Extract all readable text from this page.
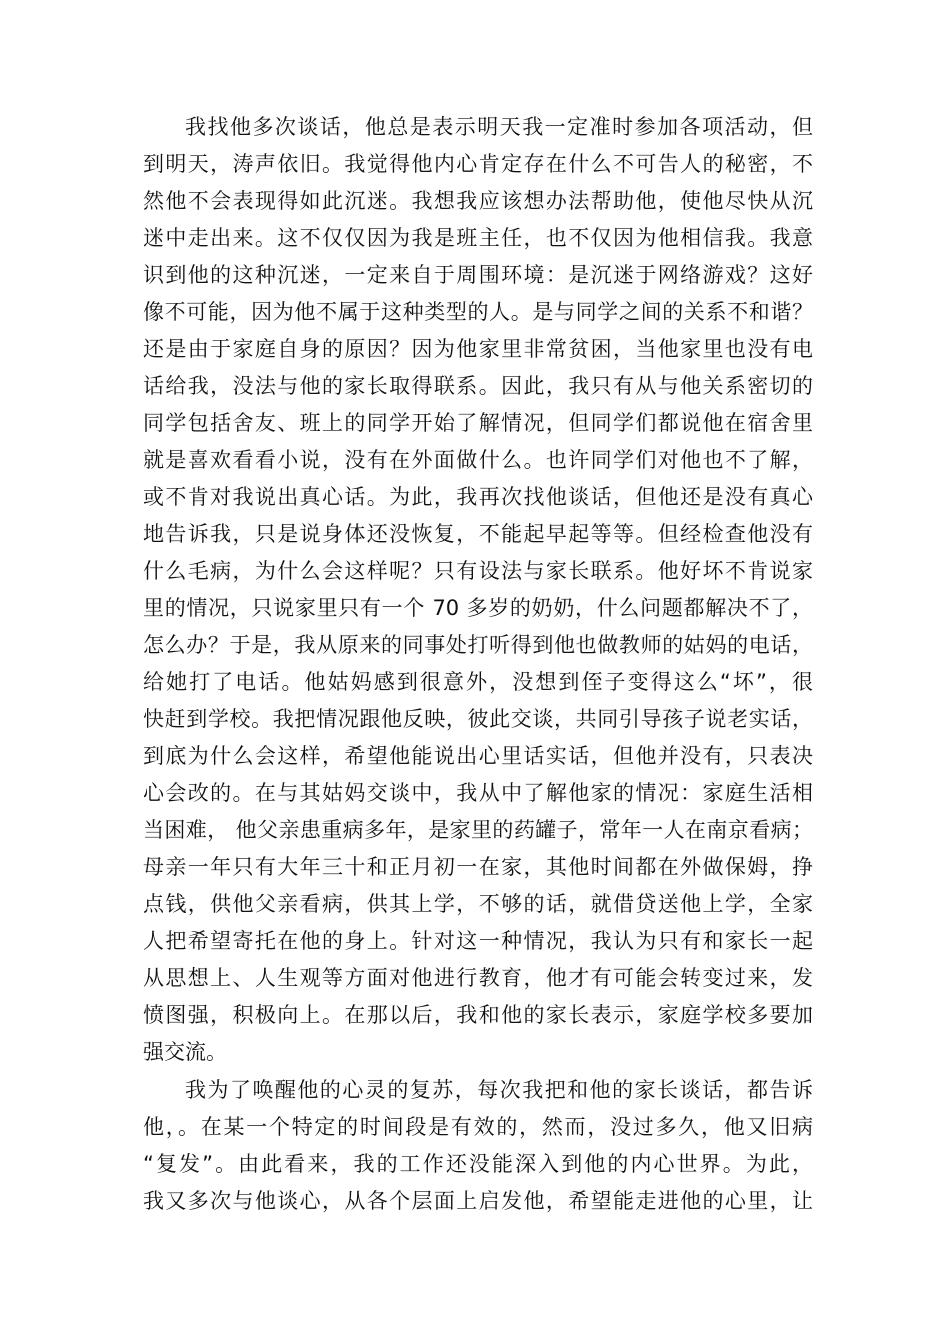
我找他多次谈话，他总是表示明天我一定准时参加各项活动，但
到明天，涛声依旧。我觉得他内心肯定存在什么不可告人的秘密，不
然他不会表现得如此沉迷。我想我应该想办法帮助他，使他尽快从沉
迷中走出来。这不仅仅因为我是班主任，也不仅因为他相信我。我意
识到他的这种沉迷，一定来自于周围环境：是沉迷于网络游戏？这好
像不可能，因为他不属于这种类型的人。是与同学之间的关系不和谐？
还是由于家庭自身的原因？因为他家里非常贫困，当他家里也没有电
话给我，没法与他的家长取得联系。因此，我只有从与他关系密切的
同学包括舍友、班上的同学开始了解情况，但同学们都说他在宿舍里
就是喜欢看看小说，没有在外面做什么。也许同学们对他也不了解，
或不肯对我说出真心话。为此，我再次找他谈话，但他还是没有真心
地告诉我，只是说身体还没恢复，不能起早起等等。但经检查他没有
什么毛病，为什么会这样呢？只有设法与家长联系。他好坏不肯说家
里的情况，只说家里只有一个 70 多岁的奶奶，什么问题都解决不了，
怎么办？于是，我从原来的同事处打听得到他也做教师的姑妈的电话，
给她打了电话。他姑妈感到很意外，没想到侄子变得这么“坏”，很
快赶到学校。我把情况跟他反映，彼此交谈，共同引导孩子说老实话，
到底为什么会这样，希望他能说出心里话实话，但他并没有，只表决
心会改的。在与其姑妈交谈中，我从中了解他家的情况：家庭生活相
当困难， 他父亲患重病多年，是家里的药罐子，常年一人在南京看病；
母亲一年只有大年三十和正月初一在家，其他时间都在外做保姆，挣
点钱，供他父亲看病，供其上学，不够的话，就借贷送他上学，全家
人把希望寄托在他的身上。针对这一种情况，我认为只有和家长一起
从思想上、人生观等方面对他进行教育，他才有可能会转变过来，发
愤图强，积极向上。在那以后，我和他的家长表示，家庭学校多要加
强交流。
我为了唤醒他的心灵的复苏，每次我把和他的家长谈话，都告诉
他，。在某一个特定的时间段是有效的，然而，没过多久，他又旧病
“复发”。由此看来，我的工作还没能深入到他的内心世界。为此，
我又多次与他谈心，从各个层面上启发他，希望能走进他的心里，让
